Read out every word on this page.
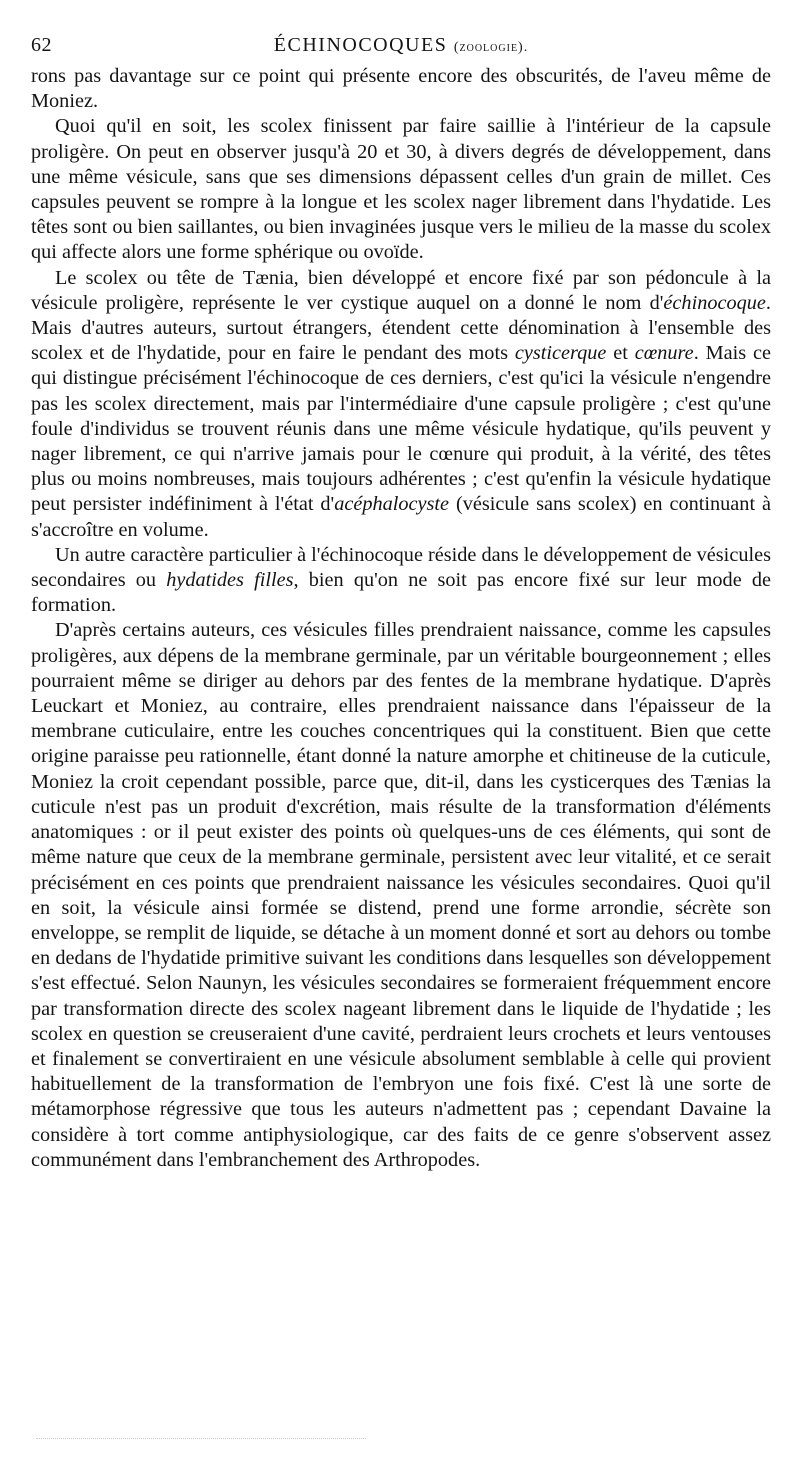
62	ÉCHINOCOQUES (zoologie).

rons pas davantage sur ce point qui présente encore des obscurités, de l'aveu même de Moniez.

Quoi qu'il en soit, les scolex finissent par faire saillie à l'intérieur de la capsule proligère. On peut en observer jusqu'à 20 et 30, à divers degrés de développement, dans une même vésicule, sans que ses dimensions dépassent celles d'un grain de millet. Ces capsules peuvent se rompre à la longue et les scolex nager librement dans l'hydatide. Les têtes sont ou bien saillantes, ou bien invaginées jusque vers le milieu de la masse du scolex qui affecte alors une forme sphérique ou ovoïde.

Le scolex ou tête de Tænia, bien développé et encore fixé par son pédoncule à la vésicule proligère, représente le ver cystique auquel on a donné le nom d'échinocoque. Mais d'autres auteurs, surtout étrangers, étendent cette dénomination à l'ensemble des scolex et de l'hydatide, pour en faire le pendant des mots cysticerque et cœnure. Mais ce qui distingue précisément l'échinocoque de ces derniers, c'est qu'ici la vésicule n'engendre pas les scolex directement, mais par l'intermédiaire d'une capsule proligère ; c'est qu'une foule d'individus se trouvent réunis dans une même vésicule hydatique, qu'ils peuvent y nager librement, ce qui n'arrive jamais pour le cœnure qui produit, à la vérité, des têtes plus ou moins nombreuses, mais toujours adhérentes ; c'est qu'enfin la vésicule hydatique peut persister indéfiniment à l'état d'acéphalocyste (vésicule sans scolex) en continuant à s'accroître en volume.

Un autre caractère particulier à l'échinocoque réside dans le développement de vésicules secondaires ou hydatides filles, bien qu'on ne soit pas encore fixé sur leur mode de formation.

D'après certains auteurs, ces vésicules filles prendraient naissance, comme les capsules proligères, aux dépens de la membrane germinale, par un véritable bourgeonnement ; elles pourraient même se diriger au dehors par des fentes de la membrane hydatique. D'après Leuckart et Moniez, au contraire, elles prendraient naissance dans l'épaisseur de la membrane cuticulaire, entre les couches concentriques qui la constituent. Bien que cette origine paraisse peu rationnelle, étant donné la nature amorphe et chitineuse de la cuticule, Moniez la croit cependant possible, parce que, dit-il, dans les cysticerques des Tænias la cuticule n'est pas un produit d'excrétion, mais résulte de la transformation d'éléments anatomiques : or il peut exister des points où quelques-uns de ces éléments, qui sont de même nature que ceux de la membrane germinale, persistent avec leur vitalité, et ce serait précisément en ces points que prendraient naissance les vésicules secondaires. Quoi qu'il en soit, la vésicule ainsi formée se distend, prend une forme arrondie, sécrète son enveloppe, se remplit de liquide, se détache à un moment donné et sort au dehors ou tombe en dedans de l'hydatide primitive suivant les conditions dans lesquelles son développement s'est effectué. Selon Naunyn, les vésicules secondaires se formeraient fréquemment encore par transformation directe des scolex nageant librement dans le liquide de l'hydatide ; les scolex en question se creuseraient d'une cavité, perdraient leurs crochets et leurs ventouses et finalement se convertiraient en une vésicule absolument semblable à celle qui provient habituellement de la transformation de l'embryon une fois fixé. C'est là une sorte de métamorphose régressive que tous les auteurs n'admettent pas ; cependant Davaine la considère à tort comme antiphysiologique, car des faits de ce genre s'observent assez communément dans l'embranchement des Arthropodes.
